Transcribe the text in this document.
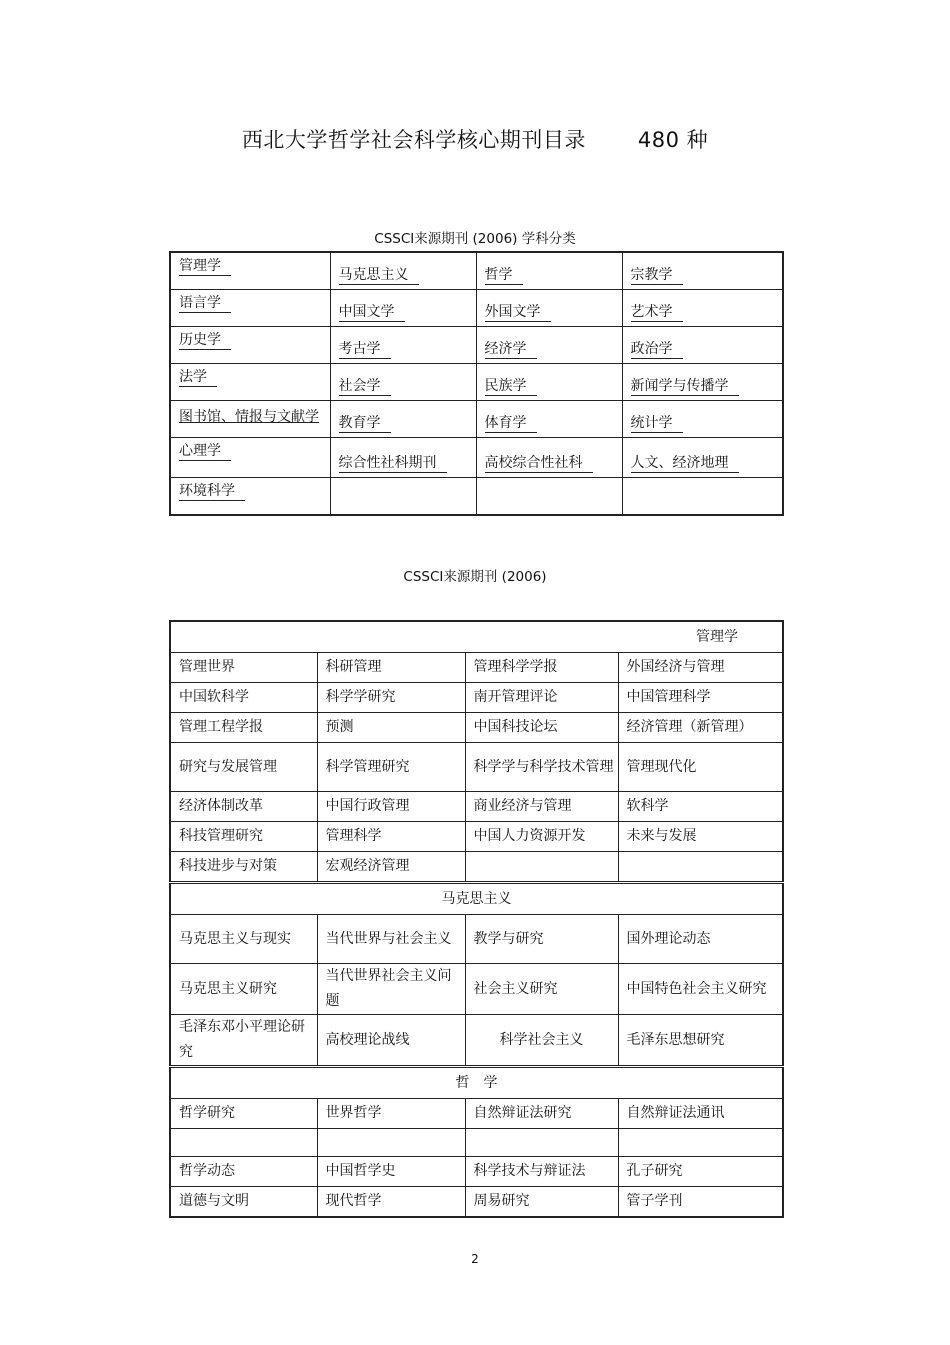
西北大学哲学社会科学核心期刊目录 480 种
CSSCI来源期刊 (2006) 学科分类
管理学	马克思主义	哲学	宗教学
语言学	中国文学	外国文学	艺术学
历史学	考古学	经济学	政治学
法学	社会学	民族学	新闻学与传播学

图书馆、情报与文献学	教育学	体育学	统计学
心理学	综合性社科期刊	高校综合性社科	人文、经济地理
环境科学			
CSSCI来源期刊 (2006)
管理学			
管理世界	科研管理	管理科学学报	外国经济与管理
中国软科学	科学学研究	南开管理评论	中国管理科学
管理工程学报	预测	中国科技论坛	经济管理（新管理）
研究与发展管理	科学管理研究	科学学与科学技术管理	管理现代化
经济体制改革	中国行政管理	商业经济与管理	软科学
科技管理研究	管理科学	中国人力资源开发	未来与发展
科技进步与对策	宏观经济管理		
马克思主义			
马克思主义与现实	当代世界与社会主义	教学与研究	国外理论动态
马克思主义研究	当代世界社会主义问题	社会主义研究	中国特色社会主义研究
毛泽东邓小平理论研究	高校理论战线	科学社会主义	毛泽东思想研究
哲　学			
哲学研究	世界哲学	自然辩证法研究	自然辩证法通讯

哲学动态	中国哲学史	科学技术与辩证法	孔子研究
道德与文明	现代哲学	周易研究	管子学刊
2
